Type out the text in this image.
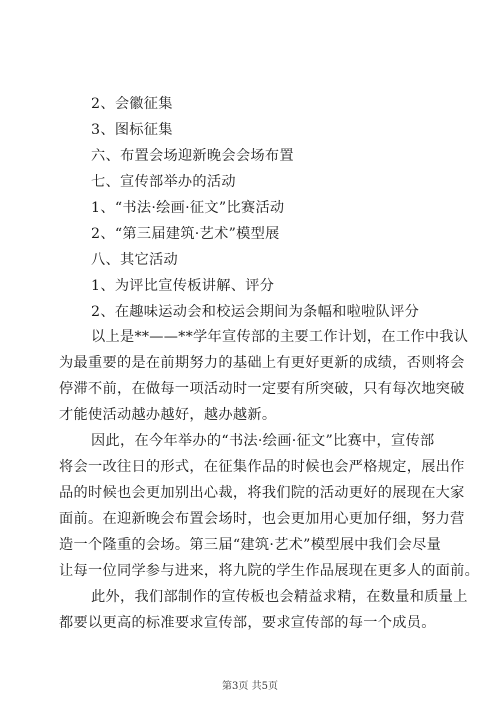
2、会徽征集
3、图标征集
六、布置会场迎新晚会会场布置
七、宣传部举办的活动
1、“书法·绘画·征文”比赛活动
2、“第三届建筑·艺术”模型展
八、其它活动
1、为评比宣传板讲解、评分
2、在趣味运动会和校运会期间为条幅和啦啦队评分
以上是**——**学年宣传部的主要工作计划，在工作中我认
为最重要的是在前期努力的基础上有更好更新的成绩，否则将会
停滞不前，在做每一项活动时一定要有所突破，只有每次地突破
才能使活动越办越好，越办越新。
因此，在今年举办的“书法·绘画·征文”比赛中，宣传部
将会一改往日的形式，在征集作品的时候也会严格规定，展出作
品的时候也会更加别出心裁，将我们院的活动更好的展现在大家
面前。在迎新晚会布置会场时，也会更加用心更加仔细，努力营
造一个隆重的会场。第三届“建筑·艺术”模型展中我们会尽量
让每一位同学参与进来，将九院的学生作品展现在更多人的面前。
此外，我们部制作的宣传板也会精益求精，在数量和质量上
都要以更高的标准要求宣传部，要求宣传部的每一个成员。
第3页 共5页
